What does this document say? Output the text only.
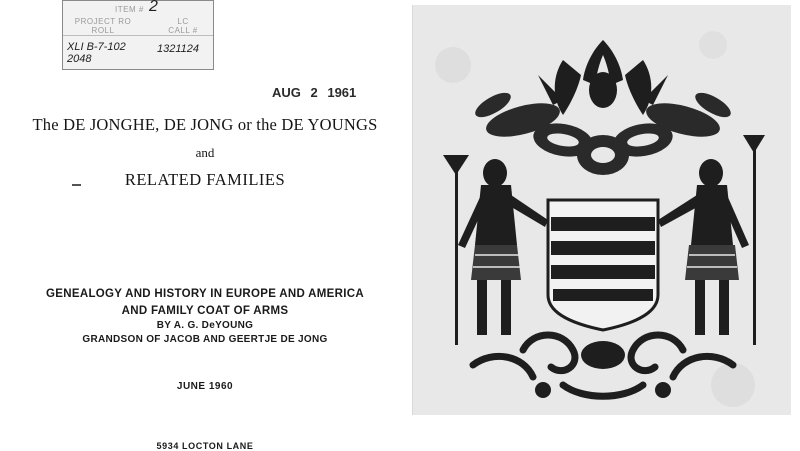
ITEM # 2
PROJECT RO
ROLL
LC
CALL #
XLI B-7-102
2048
1321124
AUG 2 1961
The DE JONGHE, DE JONG or the DE YOUNGS
and
RELATED FAMILIES
GENEALOGY AND HISTORY IN EUROPE AND AMERICA
AND FAMILY COAT OF ARMS
BY A. G. DeYOUNG
GRANDSON OF JACOB AND GEERTJE DE JONG
JUNE 1960
5934 LOCTON LANE
